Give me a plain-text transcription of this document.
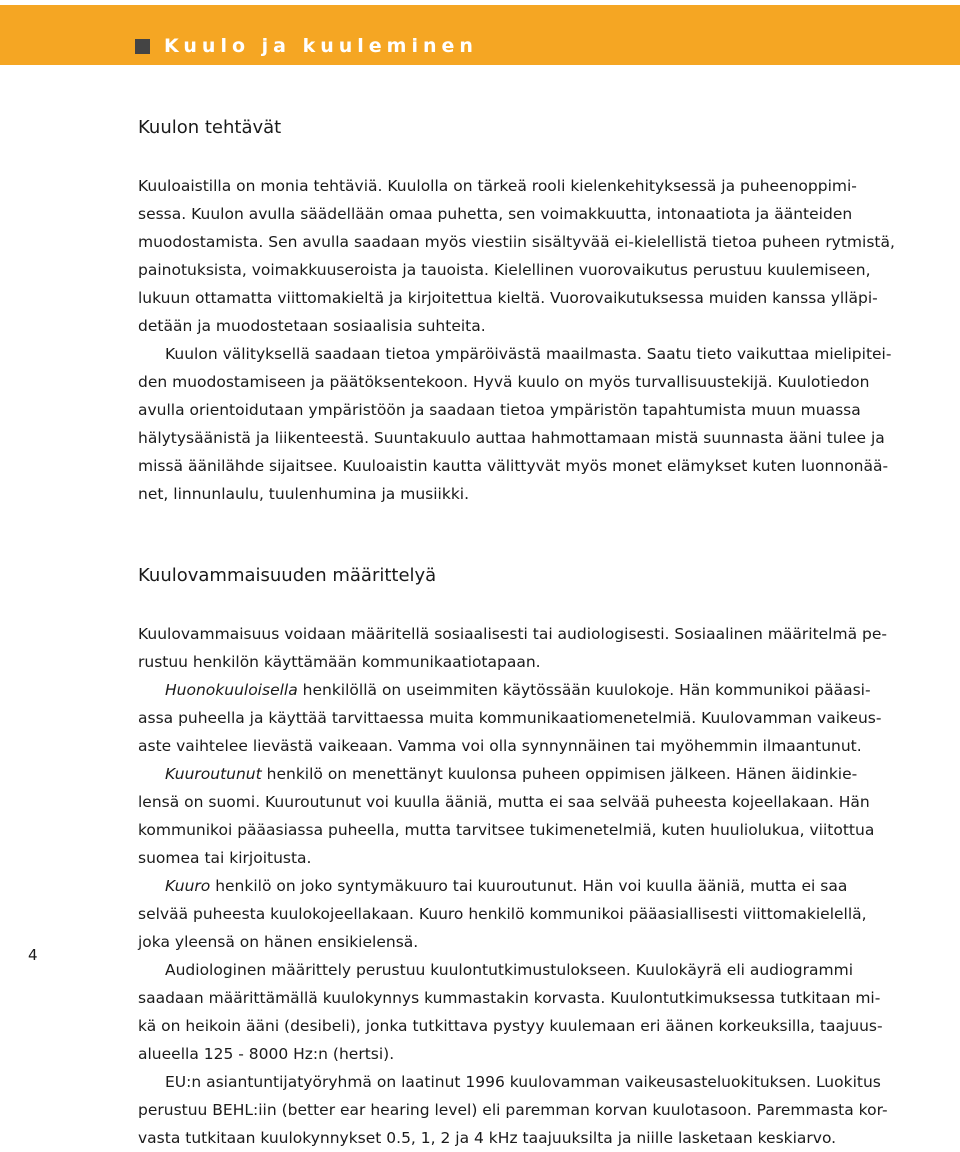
Kuulo ja kuuleminen
Kuulon tehtävät
Kuuloaistilla on monia tehtäviä. Kuulolla on tärkeä rooli kielenkehityksessä ja puheenoppimi-
sessa. Kuulon avulla säädellään omaa puhetta, sen voimakkuutta, intonaatiota ja äänteiden
muodostamista. Sen avulla saadaan myös viestiin sisältyvää ei-kielellistä tietoa puheen rytmistä,
painotuksista, voimakkuuseroista ja tauoista. Kielellinen vuorovaikutus perustuu kuulemiseen,
lukuun ottamatta viittomakieltä ja kirjoitettua kieltä. Vuorovaikutuksessa muiden kanssa ylläpi-
detään ja muodostetaan sosiaalisia suhteita.
Kuulon välityksellä saadaan tietoa ympäröivästä maailmasta. Saatu tieto vaikuttaa mielipitei-
den muodostamiseen ja päätöksentekoon. Hyvä kuulo on myös turvallisuustekijä. Kuulotiedon
avulla orientoidutaan ympäristöön ja saadaan tietoa ympäristön tapahtumista muun muassa
hälytysäänistä ja liikenteestä. Suuntakuulo auttaa hahmottamaan mistä suunnasta ääni tulee ja
missä äänilähde sijaitsee. Kuuloaistin kautta välittyvät myös monet elämykset kuten luonnonää-
net, linnunlaulu, tuulenhumina ja musiikki.
Kuulovammaisuuden määrittelyä
Kuulovammaisuus voidaan määritellä sosiaalisesti tai audiologisesti. Sosiaalinen määritelmä pe-
rustuu henkilön käyttämään kommunikaatiotapaan.
Huonokuuloisella henkilöllä on useimmiten käytössään kuulokoje. Hän kommunikoi pääasi-
assa puheella ja käyttää tarvittaessa muita kommunikaatiomenetelmiä. Kuulovamman vaikeus-
aste vaihtelee lievästä vaikeaan. Vamma voi olla synnynnäinen tai myöhemmin ilmaantunut.
Kuuroutunut henkilö on menettänyt kuulonsa puheen oppimisen jälkeen. Hänen äidinkie-
lensä on suomi. Kuuroutunut voi kuulla ääniä, mutta ei saa selvää puheesta kojeellakaan. Hän
kommunikoi pääasiassa puheella, mutta tarvitsee tukimenetelmiä, kuten huuliolukua, viitottua
suomea tai kirjoitusta.
Kuuro henkilö on joko syntymäkuuro tai kuuroutunut. Hän voi kuulla ääniä, mutta ei saa
selvää puheesta kuulokojeellakaan. Kuuro henkilö kommunikoi pääasiallisesti viittomakielellä,
joka yleensä on hänen ensikielensä.
Audiologinen määrittely perustuu kuulontutkimustulokseen. Kuulokäyrä eli audiogrammi
saadaan määrittämällä kuulokynnys kummastakin korvasta. Kuulontutkimuksessa tutkitaan mi-
kä on heikoin ääni (desibeli), jonka tutkittava pystyy kuulemaan eri äänen korkeuksilla, taajuus-
alueella 125 - 8000 Hz:n (hertsi).
EU:n asiantuntijatyöryhmä on laatinut 1996 kuulovamman vaikeusasteluokituksen. Luokitus
perustuu BEHL:iin (better ear hearing level) eli paremman korvan kuulotasoon. Paremmasta kor-
vasta tutkitaan kuulokynnykset 0.5, 1, 2 ja 4 kHz taajuuksilta ja niille lasketaan keskiarvo.
4
